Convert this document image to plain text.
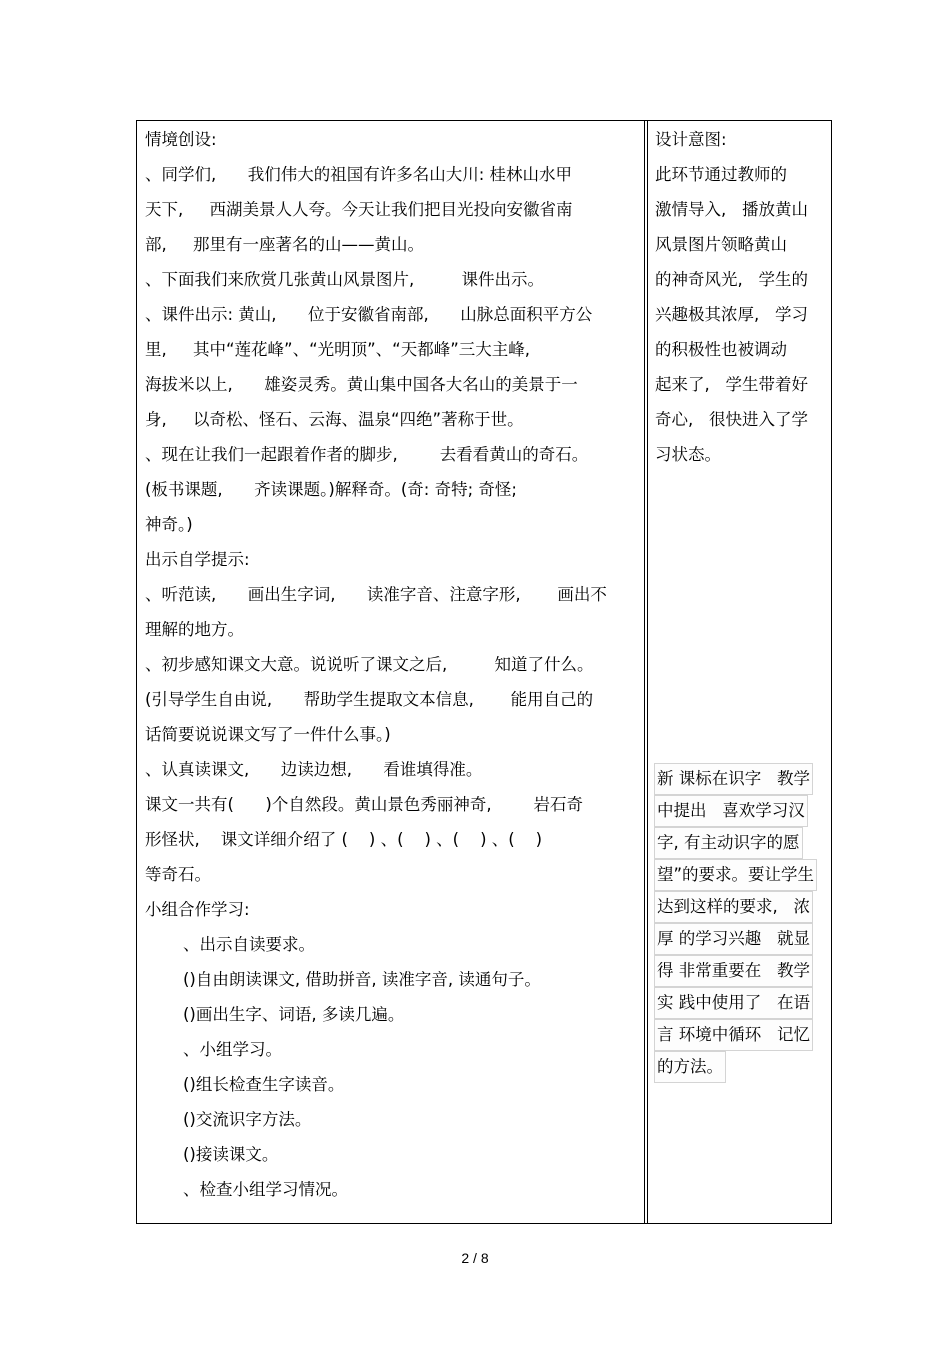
情境创设:
、同学们,      我们伟大的祖国有许多名山大川: 桂林山水甲
天下,     西湖美景人人夸。今天让我们把目光投向安徽省南
部,     那里有一座著名的山——黄山。
、下面我们来欣赏几张黄山风景图片,         课件出示。
、课件出示: 黄山,      位于安徽省南部,      山脉总面积平方公
里,     其中“莲花峰”、“光明顶”、“天都峰”三大主峰,
海拔米以上,      雄姿灵秀。黄山集中国各大名山的美景于一
身,     以奇松、怪石、云海、温泉“四绝”著称于世。
、现在让我们一起跟着作者的脚步,        去看看黄山的奇石。
(板书课题,      齐读课题。)解释奇。(奇: 奇特; 奇怪;
神奇。)
出示自学提示:
、听范读,      画出生字词,      读准字音、注意字形,       画出不
理解的地方。
、初步感知课文大意。说说听了课文之后,         知道了什么。
(引导学生自由说,      帮助学生提取文本信息,       能用自己的
话简要说说课文写了一件什么事。)
、认真读课文,      边读边想,      看谁填得准。
课文一共有(      )个自然段。黄山景色秀丽神奇,        岩石奇
形怪状,    课文详细介绍了 (    ) 、(    ) 、(    ) 、(    )
等奇石。
小组合作学习:
、出示自读要求。
()自由朗读课文, 借助拼音, 读准字音, 读通句子。
()画出生字、词语, 多读几遍。
、小组学习。
()组长检查生字读音。
()交流识字方法。
()接读课文。
、检查小组学习情况。
设计意图:
此环节通过教师的
激情导入,   播放黄山
风景图片领略黄山
的神奇风光,   学生的
兴趣极其浓厚,   学习
的积极性也被调动
起来了,   学生带着好
奇心,   很快进入了学
习状态。
新 课标在识字   教学
中提出   喜欢学习汉
字, 有主动识字的愿
望”的要求。要让学生
达到这样的要求,   浓
厚 的学习兴趣   就显
得 非常重要在   教学
实 践中使用了   在语
言 环境中循环   记忆
的方法。
2 / 8
